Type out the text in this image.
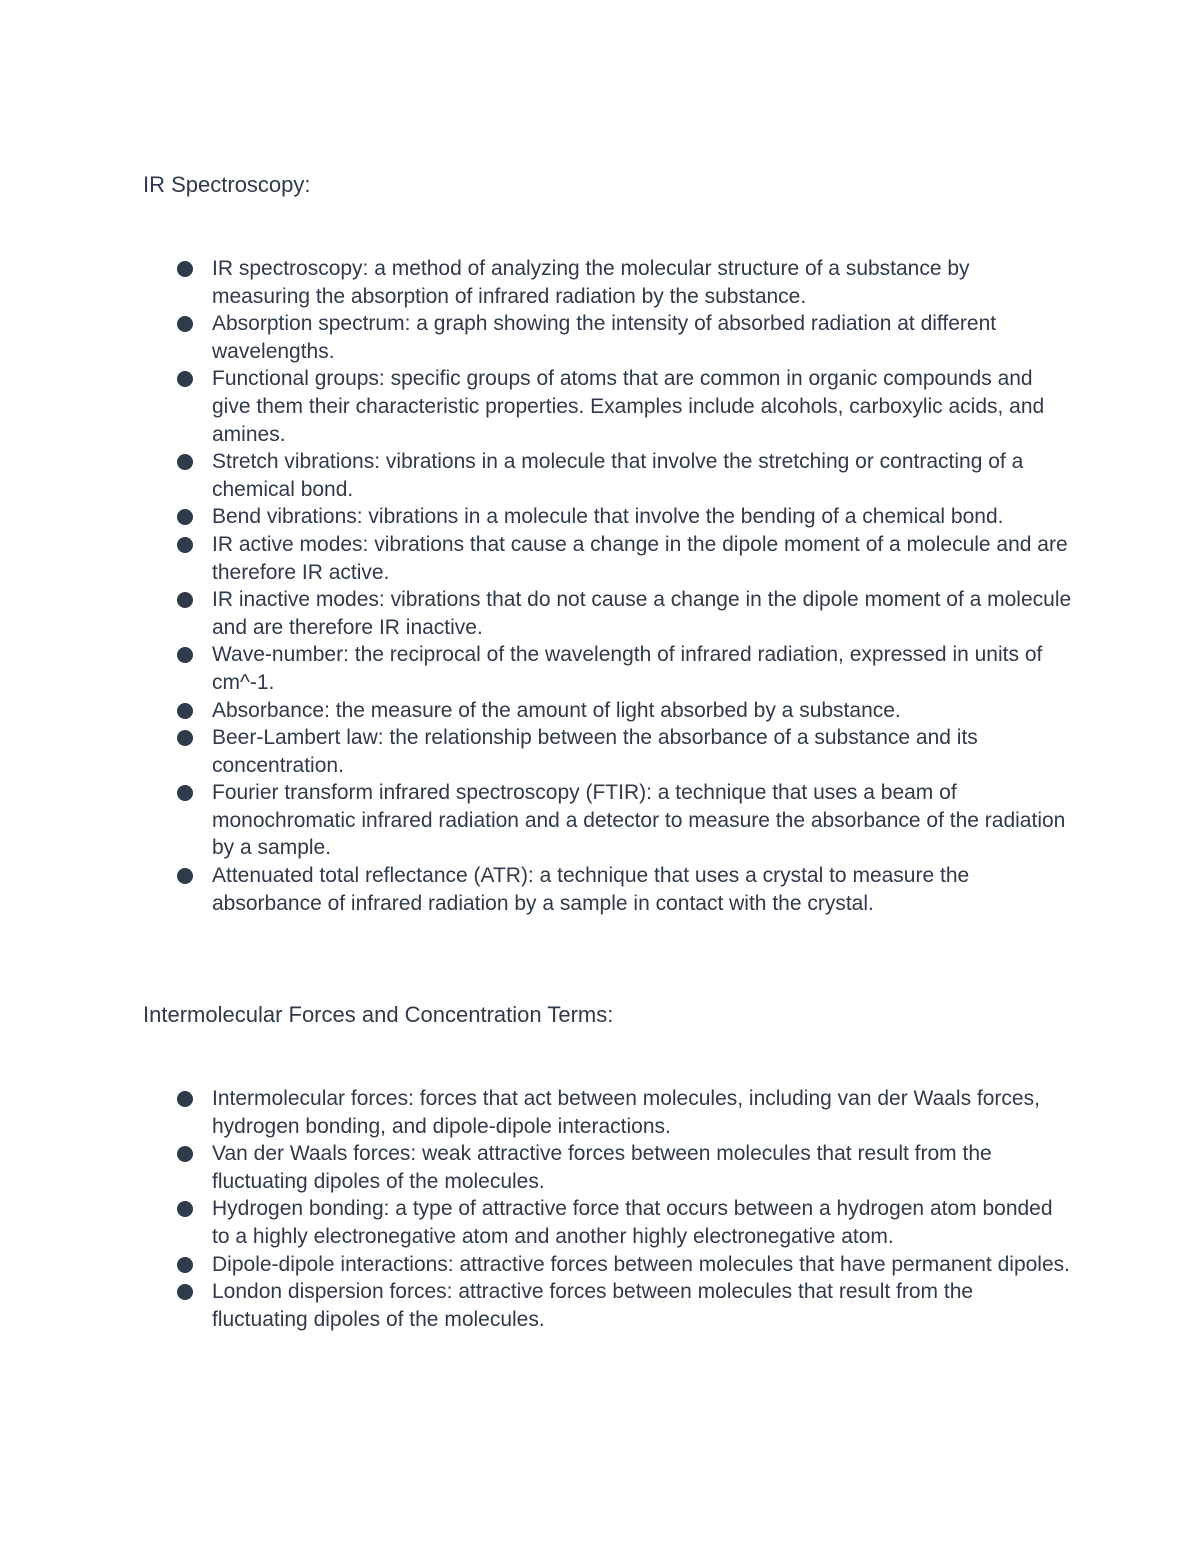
IR Spectroscopy:
IR spectroscopy: a method of analyzing the molecular structure of a substance by measuring the absorption of infrared radiation by the substance.
Absorption spectrum: a graph showing the intensity of absorbed radiation at different wavelengths.
Functional groups: specific groups of atoms that are common in organic compounds and give them their characteristic properties. Examples include alcohols, carboxylic acids, and amines.
Stretch vibrations: vibrations in a molecule that involve the stretching or contracting of a chemical bond.
Bend vibrations: vibrations in a molecule that involve the bending of a chemical bond.
IR active modes: vibrations that cause a change in the dipole moment of a molecule and are therefore IR active.
IR inactive modes: vibrations that do not cause a change in the dipole moment of a molecule and are therefore IR inactive.
Wave-number: the reciprocal of the wavelength of infrared radiation, expressed in units of cm^-1.
Absorbance: the measure of the amount of light absorbed by a substance.
Beer-Lambert law: the relationship between the absorbance of a substance and its concentration.
Fourier transform infrared spectroscopy (FTIR): a technique that uses a beam of monochromatic infrared radiation and a detector to measure the absorbance of the radiation by a sample.
Attenuated total reflectance (ATR): a technique that uses a crystal to measure the absorbance of infrared radiation by a sample in contact with the crystal.
Intermolecular Forces and Concentration Terms:
Intermolecular forces: forces that act between molecules, including van der Waals forces, hydrogen bonding, and dipole-dipole interactions.
Van der Waals forces: weak attractive forces between molecules that result from the fluctuating dipoles of the molecules.
Hydrogen bonding: a type of attractive force that occurs between a hydrogen atom bonded to a highly electronegative atom and another highly electronegative atom.
Dipole-dipole interactions: attractive forces between molecules that have permanent dipoles.
London dispersion forces: attractive forces between molecules that result from the fluctuating dipoles of the molecules.
